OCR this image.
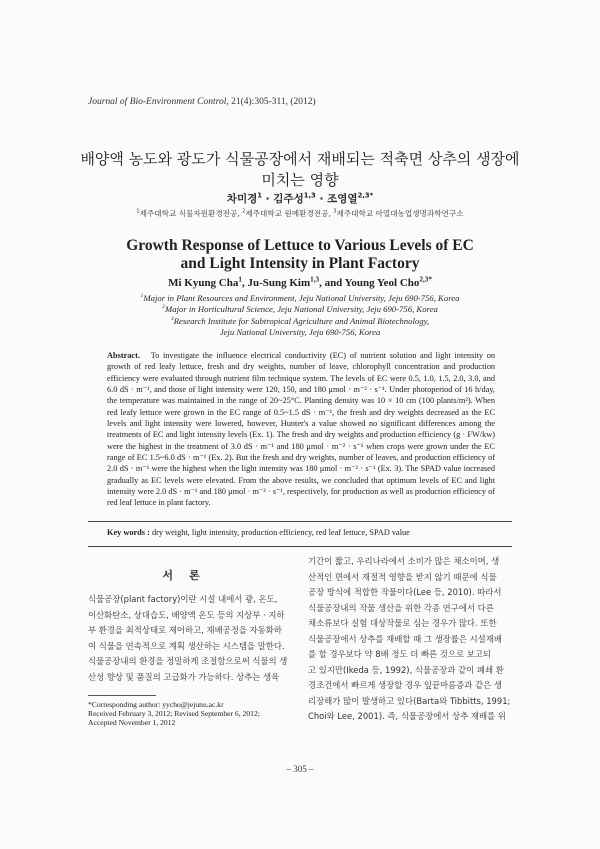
Journal of Bio-Environment Control, 21(4):305-311, (2012)
배양액 농도와 광도가 식물공장에서 재배되는 적축면 상추의 생장에
미치는 영향
차미경$^1$ · 김주성$^{1,3}$ · 조영열$^{2,3*}$
$^1$제주대학교 식물자원환경전공, $^2$제주대학교 원예환경전공, $^3$제주대학교 아열대농업생명과학연구소
Growth Response of Lettuce to Various Levels of EC
and Light Intensity in Plant Factory
Mi Kyung Cha$^1$, Ju-Sung Kim$^{1,3}$, and Young Yeol Cho$^{2,3*}$
$^1$Major in Plant Resources and Environment, Jeju National University, Jeju 690-756, Korea
$^2$Major in Horticultural Science, Jeju National University, Jeju 690-756, Korea
$^3$Research Institute for Subtropical Agriculture and Animal Biotechnology,
Jeju National University, Jeju 690-756, Korea
Abstract. To investigate the influence electrical conductivity (EC) of nutrient solution and light intensity on growth of red leafy lettuce, fresh and dry weights, number of leave, chlorophyll concentration and production efficiency were evaluated through nutrient film technique system. The levels of EC were 0.5, 1.0, 1.5, 2.0, 3.0, and 6.0 dS · m⁻¹, and those of light intensity were 120, 150, and 180 μmol · m⁻² · s⁻¹. Under photoperiod of 16 h/day, the temperature was maintained in the range of 20~25°C. Planting density was 10 × 10 cm (100 plants/m²). When red leafy lettuce were grown in the EC range of 0.5~1.5 dS · m⁻¹, the fresh and dry weights decreased as the EC levels and light intensity were lowered, however, Hunter's a value showed no significant differences among the treatments of EC and light intensity levels (Ex. 1). The fresh and dry weights and production efficiency (g · FW/kw) were the highest in the treatment of 3.0 dS · m⁻¹ and 180 μmol · m⁻² · s⁻¹ when crops were grown under the EC range of EC 1.5~6.0 dS · m⁻¹ (Ex. 2). But the fresh and dry weights, number of leaves, and production efficiency of 2.0 dS · m⁻¹ were the highest when the light intensity was 180 μmol · m⁻² · s⁻¹ (Ex. 3). The SPAD value increased gradually as EC levels were elevated. From the above results, we concluded that optimum levels of EC and light intensity were 2.0 dS · m⁻¹ and 180 μmol · m⁻² · s⁻¹, respectively, for production as well as production efficiency of red leaf lettuce in plant factory.
Key words : dry weight, light intensity, production efficiency, red leaf lettuce, SPAD value
서론
식물공장(plant factory)이란 시설 내에서 광, 온도,
이산화탄소, 상대습도, 배양액 온도 등의 지상부 · 지하
부 환경을 최적상태로 제어하고, 재배공정을 자동화하
여 식물을 연속적으로 계획 생산하는 시스템을 말한다.
식물공장내의 환경을 정밀하게 조절함으로써 식물의 생
산성 향상 및 품질의 고급화가 가능하다. 상추는 생육
기간이 짧고, 우리나라에서 소비가 많은 채소이며, 생
산적인 면에서 재절적 영향을 받지 않기 때문에 식물
공장 방식에 적합한 작물이다(Lee 등, 2010). 따라서
식물공장내의 작물 생산을 위한 각종 연구에서 다른
채소류보다 실험 대상작물로 심는 경우가 많다. 또한
식물공장에서 상추를 재배할 때 그 생장률은 시설재배
를 할 경우보다 약 8배 정도 더 빠른 것으로 보고되
고 있지만(Ikeda 등, 1992), 식물공장과 같이 폐쇄 환
경조건에서 빠르게 생장할 경우 잎끝마름증과 같은 생
리장해가 많이 발생하고 있다(Barta와 Tibbitts, 1991;
Choi와 Lee, 2001). 즉, 식물공장에서 상추 재배를 위
*Corresponding author: yycho@jejunu.ac.kr
Received February 3, 2012; Revised September 6, 2012;
Accepted November 1, 2012
– 305 –
